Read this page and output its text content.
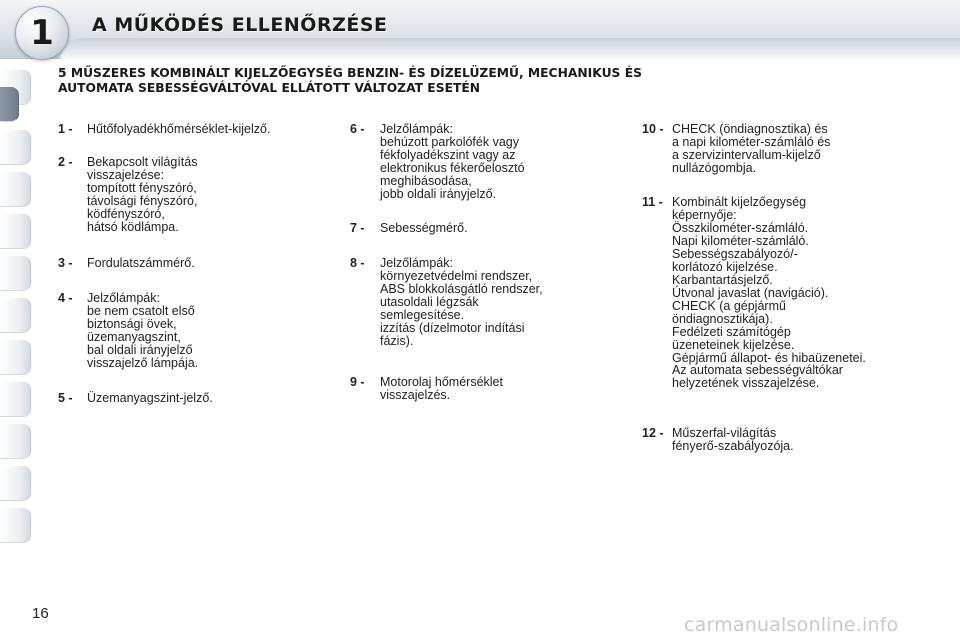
1	A MŰKÖDÉS ELLENŐRZÉSE
5 MŰSZERES KOMBINÁLT KIJELZŐEGYSÉG BENZIN- ÉS DÍZELÜZEMŰ, MECHANIKUS ÉS
AUTOMATA SEBESSÉGVÁLTÓVAL ELLÁTOTT VÁLTOZAT ESETÉN
1 - Hűtőfolyadékhőmérséklet-kijelző.
2 - Bekapcsolt világítás
visszajelzése:
tompított fényszóró,
távolsági fényszóró,
ködfényszóró,
hátsó ködlámpa.
3 - Fordulatszámmérő.
4 - Jelzőlámpák:
be nem csatolt első
biztonsági övek,
üzemanyagszint,
bal oldali irányjelző
visszajelző lámpája.
5 - Üzemanyagszint-jelző.
6 - Jelzőlámpák:
behúzott parkolófék vagy
fékfolyadékszint vagy az
elektronikus fékerőelosztó
meghibásodása,
jobb oldali irányjelző.
7 - Sebességmérő.
8 - Jelzőlámpák:
környezetvédelmi rendszer,
ABS blokkolásgátló rendszer,
utasoldali légzsák
semlegesítése.
izzítás (dízelmotor indítási
fázis).
9 - Motorolaj hőmérséklet
visszajelzés.
10 - CHECK (öndiagnosztika) és
a napi kilométer-számláló és
a szervizintervallum-kijelző
nullázógombja.
11 - Kombinált kijelzőegység
képernyője:
Összkilométer-számláló.
Napi kilométer-számláló.
Sebességszabályozó/-
korlátozó kijelzése.
Karbantartásjelző.
Útvonal javaslat (navigáció).
CHECK (a gépjármű
öndiagnosztikája).
Fedélzeti számítógép
üzeneteinek kijelzése.
Gépjármű állapot- és hibaüzenetei.
Az automata sebességváltókar
helyzetének visszajelzése.
12 - Műszerfal-világítás
fényerő-szabályozója.
16
carmanualsonline.info
